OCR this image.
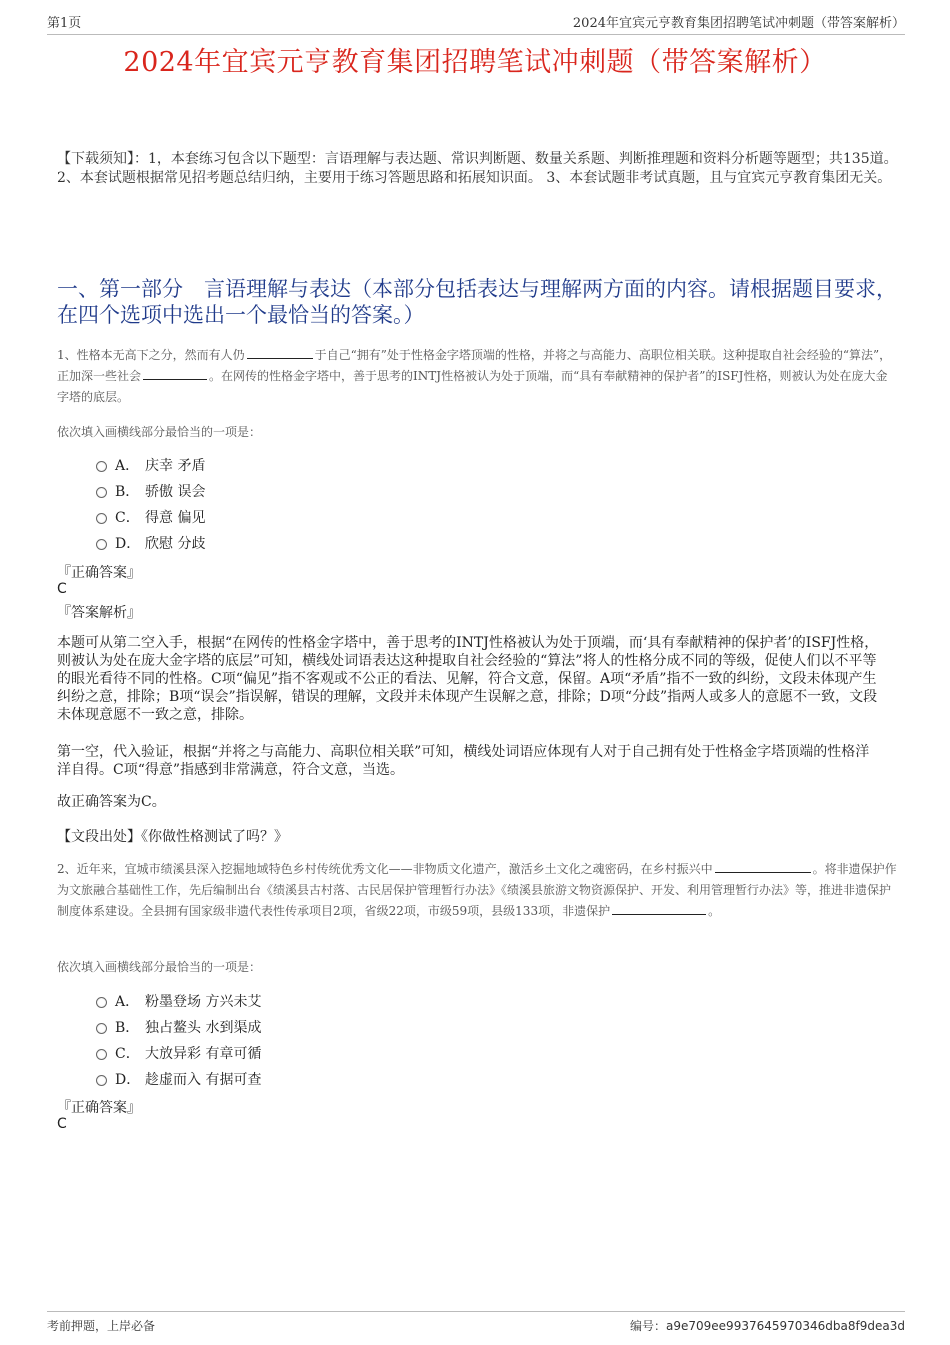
第1页	2024年宜宾元亨教育集团招聘笔试冲刺题（带答案解析）
2024年宜宾元亨教育集团招聘笔试冲刺题（带答案解析）
【下载须知】：1，本套练习包含以下题型：言语理解与表达题、常识判断题、数量关系题、判断推理题和资料分析题等题型；共135道。 2、本套试题根据常见招考题总结归纳，主要用于练习答题思路和拓展知识面。 3、本套试题非考试真题，且与宜宾元亨教育集团无关。
一、第一部分　言语理解与表达（本部分包括表达与理解两方面的内容。请根据题目要求，在四个选项中选出一个最恰当的答案。）
1、性格本无高下之分，然而有人仍	于自己“拥有”处于性格金字塔顶端的性格，并将之与高能力、高职位相关联。这种提取自社会经验的“算法”，正加深一些社会	。在网传的性格金字塔中，善于思考的INTJ性格被认为处于顶端，而“具有奉献精神的保护者”的ISFJ性格，则被认为处在庞大金字塔的底层。
依次填入画横线部分最恰当的一项是：
A． 庆幸 矛盾
B． 骄傲 误会
C． 得意 偏见
D． 欣慰 分歧
『正确答案』
C
『答案解析』
本题可从第二空入手，根据“在网传的性格金字塔中，善于思考的INTJ性格被认为处于顶端，而‘具有奉献精神的保护者’的ISFJ性格，则被认为处在庞大金字塔的底层”可知，横线处词语表达这种提取自社会经验的“算法”将人的性格分成不同的等级，促使人们以不平等的眼光看待不同的性格。C项“偏见”指不客观或不公正的看法、见解，符合文意，保留。A项“矛盾”指不一致的纠纷，文段未体现产生纠纷之意，排除；B项“误会”指误解，错误的理解，文段并未体现产生误解之意，排除；D项“分歧”指两人或多人的意愿不一致，文段未体现意愿不一致之意，排除。
第一空，代入验证，根据“并将之与高能力、高职位相关联”可知，横线处词语应体现有人对于自己拥有处于性格金字塔顶端的性格洋洋自得。C项“得意”指感到非常满意，符合文意，当选。
故正确答案为C。
【文段出处】《你做性格测试了吗？》
2、近年来，宜城市绩溪县深入挖掘地域特色乡村传统优秀文化——非物质文化遗产，激活乡土文化之魂密码，在乡村振兴中	。将非遗保护作为文旅融合基础性工作，先后编制出台《绩溪县古村落、古民居保护管理暂行办法》《绩溪县旅游文物资源保护、开发、利用管理暂行办法》等，推进非遗保护制度体系建设。全县拥有国家级非遗代表性传承项目2项，省级22项，市级59项，县级133项，非遗保护	。
依次填入画横线部分最恰当的一项是：
A． 粉墨登场 方兴未艾
B． 独占鳌头 水到渠成
C． 大放异彩 有章可循
D． 趁虚而入 有据可查
『正确答案』
C
考前押题，上岸必备	编号：a9e709ee9937645970346dba8f9dea3d
